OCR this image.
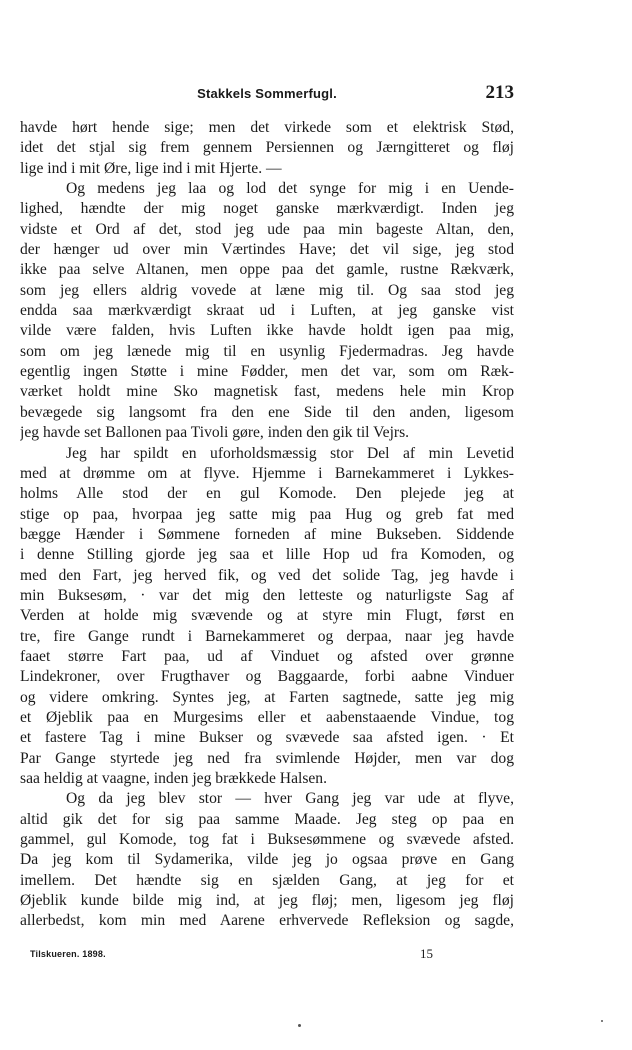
Stakkels Sommerfugl.	213
havde hørt hende sige; men det virkede som et elektrisk Stød,
idet det stjal sig frem gennem Persiennen og Jærngitteret og fløj
lige ind i mit Øre, lige ind i mit Hjerte. —
Og medens jeg laa og lod det synge for mig i en Uende-
lighed, hændte der mig noget ganske mærkværdigt. Inden jeg
vidste et Ord af det, stod jeg ude paa min bageste Altan, den,
der hænger ud over min Værtindes Have; det vil sige, jeg stod
ikke paa selve Altanen, men oppe paa det gamle, rustne Rækværk,
som jeg ellers aldrig vovede at læne mig til. Og saa stod jeg
endda saa mærkværdigt skraat ud i Luften, at jeg ganske vist
vilde være falden, hvis Luften ikke havde holdt igen paa mig,
som om jeg lænede mig til en usynlig Fjedermadras. Jeg havde
egentlig ingen Støtte i mine Fødder, men det var, som om Ræk-
værket holdt mine Sko magnetisk fast, medens hele min Krop
bevægede sig langsomt fra den ene Side til den anden, ligesom
jeg havde set Ballonen paa Tivoli gøre, inden den gik til Vejrs.
Jeg har spildt en uforholdsmæssig stor Del af min Levetid
med at drømme om at flyve. Hjemme i Barnekammeret i Lykkes-
holms Alle stod der en gul Komode. Den plejede jeg at
stige op paa, hvorpaa jeg satte mig paa Hug og greb fat med
bægge Hænder i Sømmene forneden af mine Bukseben. Siddende
i denne Stilling gjorde jeg saa et lille Hop ud fra Komoden, og
med den Fart, jeg herved fik, og ved det solide Tag, jeg havde i
min Buksesøm, · var det mig den letteste og naturligste Sag af
Verden at holde mig svævende og at styre min Flugt, først en
tre, fire Gange rundt i Barnekammeret og derpaa, naar jeg havde
faaet større Fart paa, ud af Vinduet og afsted over grønne
Lindekroner, over Frugthaver og Baggaarde, forbi aabne Vinduer
og videre omkring. Syntes jeg, at Farten sagtnede, satte jeg mig
et Øjeblik paa en Murgesims eller et aabenstaaende Vindue, tog
et fastere Tag i mine Bukser og svævede saa afsted igen. · Et
Par Gange styrtede jeg ned fra svimlende Højder, men var dog
saa heldig at vaagne, inden jeg brækkede Halsen.
Og da jeg blev stor — hver Gang jeg var ude at flyve,
altid gik det for sig paa samme Maade. Jeg steg op paa en
gammel, gul Komode, tog fat i Buksesømmene og svævede afsted.
Da jeg kom til Sydamerika, vilde jeg jo ogsaa prøve en Gang
imellem. Det hændte sig en sjælden Gang, at jeg for et
Øjeblik kunde bilde mig ind, at jeg fløj; men, ligesom jeg fløj
allerbedst, kom min med Aarene erhvervede Refleksion og sagde,
Tilskueren. 1898.	15
